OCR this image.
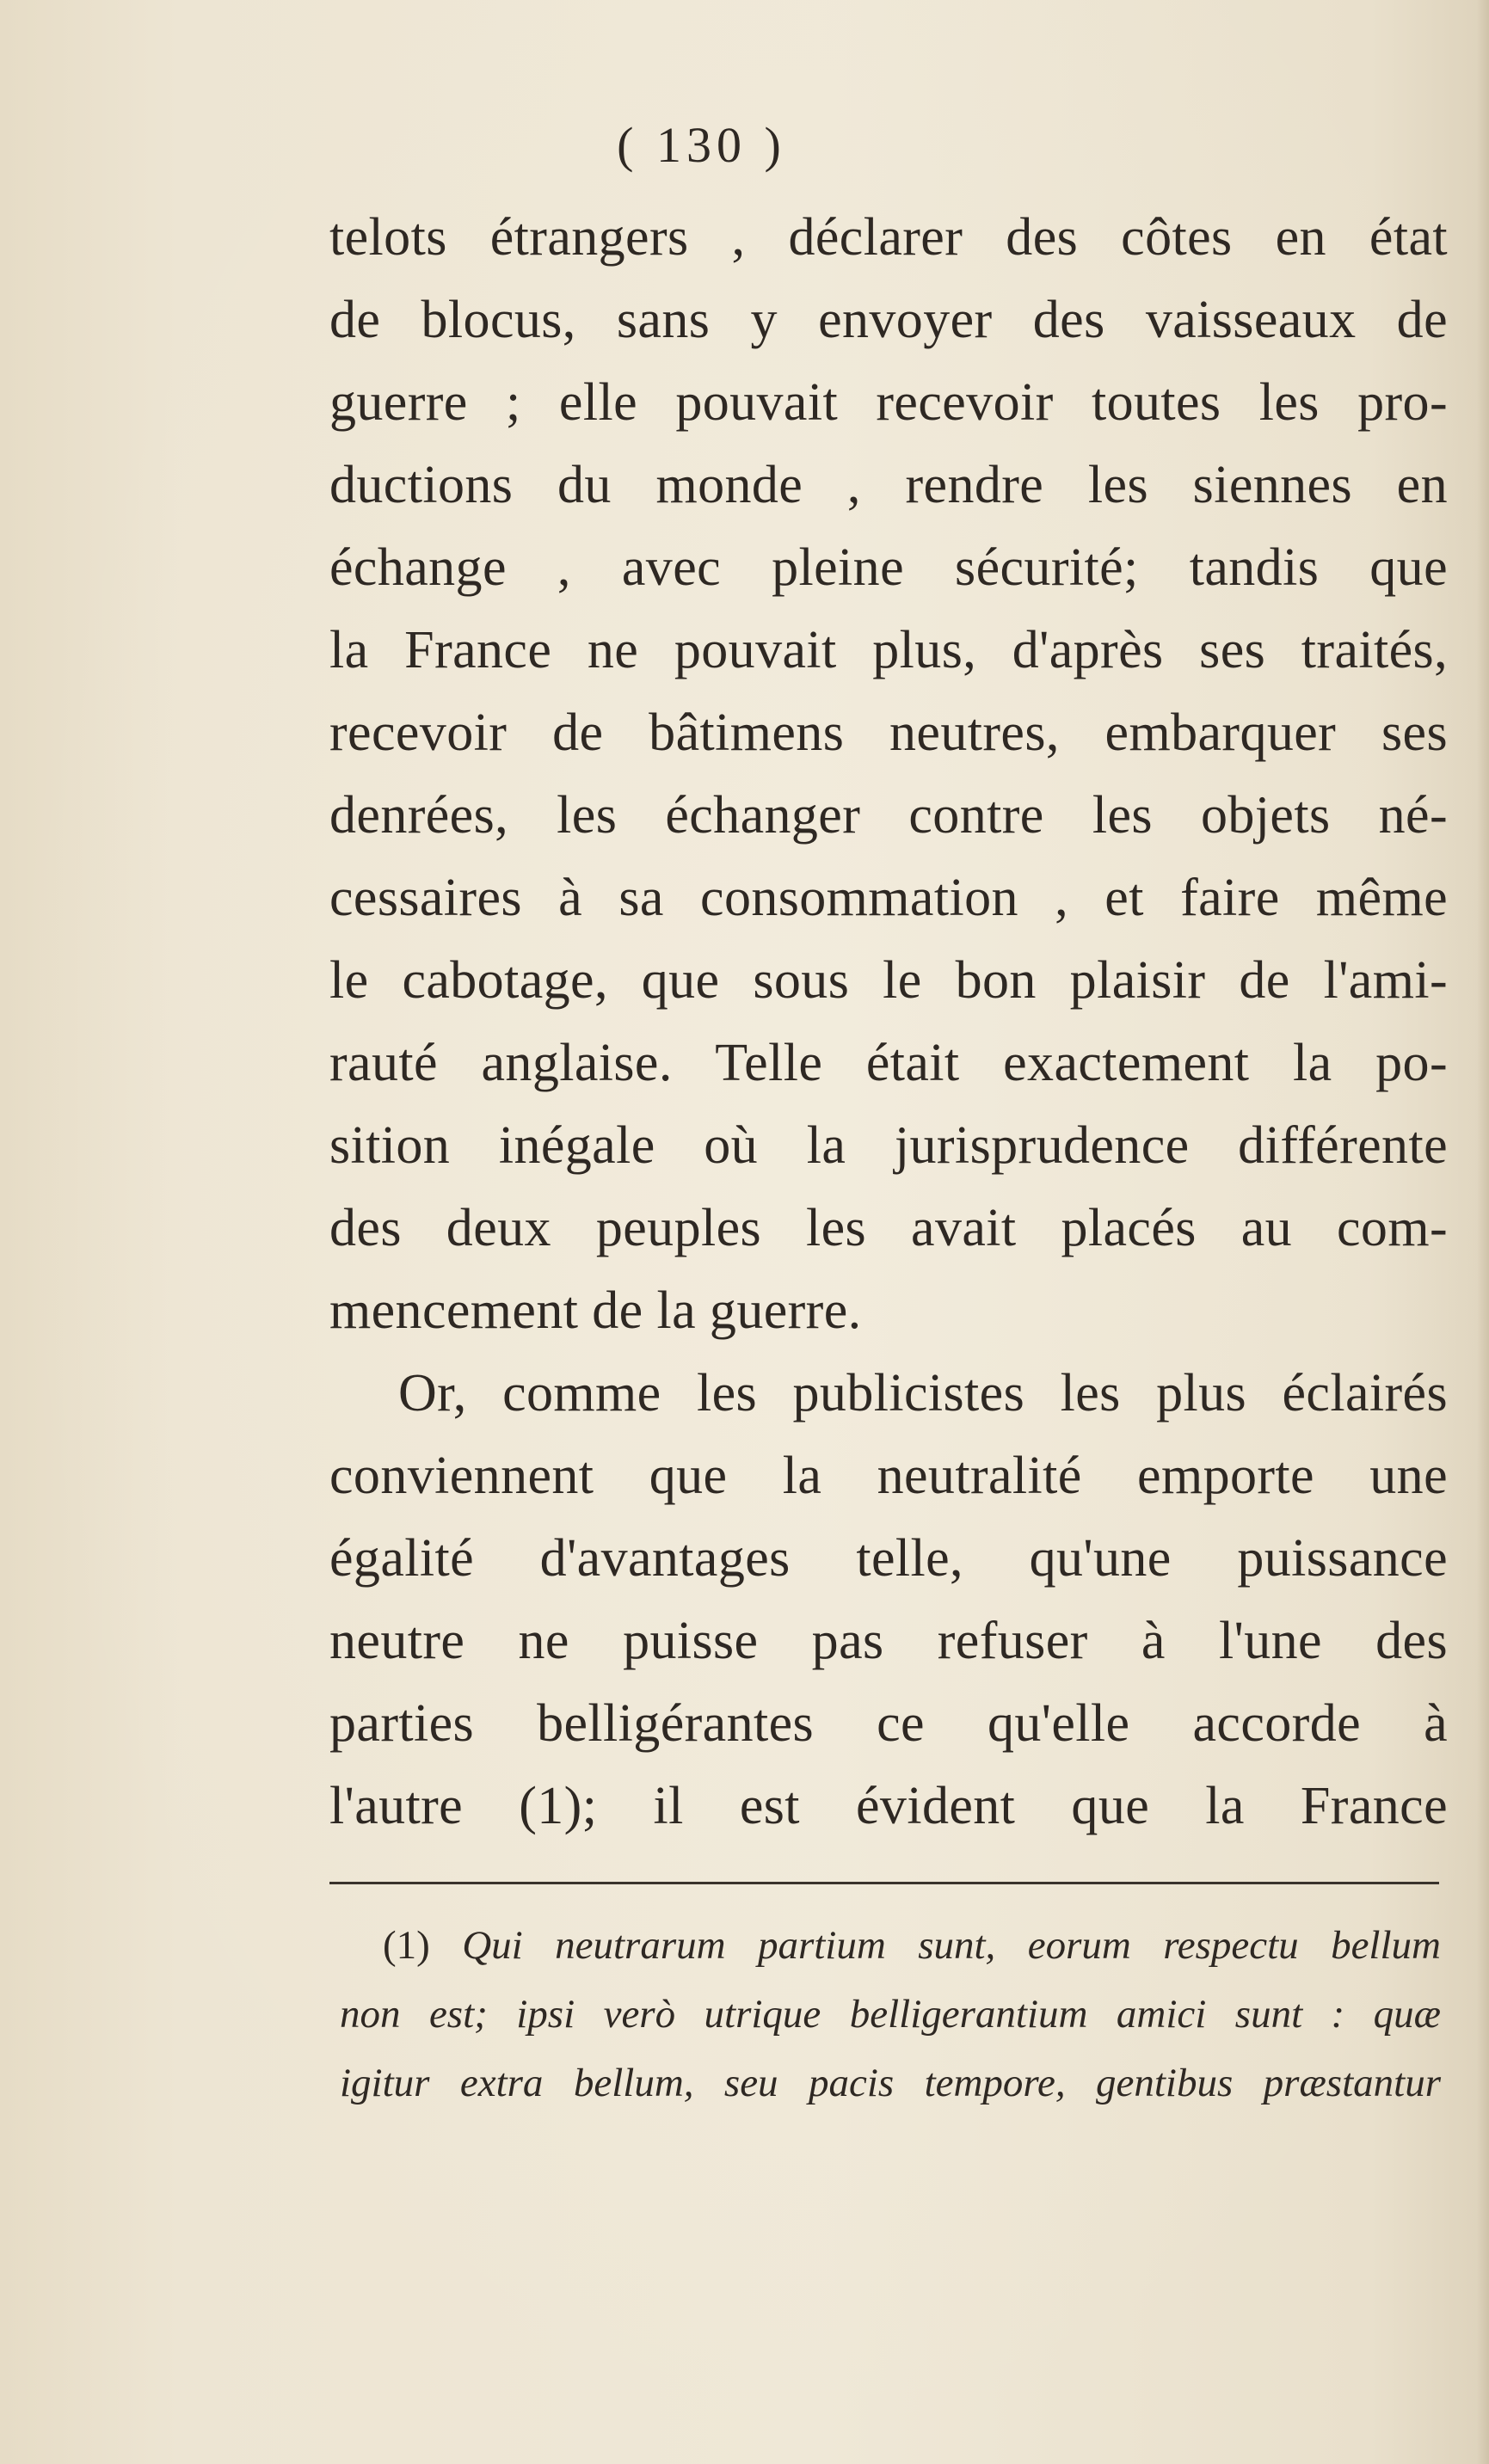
( 130 )
telots étrangers , déclarer des côtes en état
de blocus, sans y envoyer des vaisseaux de
guerre ; elle pouvait recevoir toutes les pro-
ductions du monde , rendre les siennes en
échange , avec pleine sécurité; tandis que
la France ne pouvait plus, d'après ses traités,
recevoir de bâtimens neutres, embarquer ses
denrées, les échanger contre les objets né-
cessaires à sa consommation , et faire même
le cabotage, que sous le bon plaisir de l'ami-
rauté anglaise. Telle était exactement la po-
sition inégale où la jurisprudence différente
des deux peuples les avait placés au com-
mencement de la guerre.
Or, comme les publicistes les plus éclairés
conviennent que la neutralité emporte une
égalité d'avantages telle, qu'une puissance
neutre ne puisse pas refuser à l'une des
parties belligérantes ce qu'elle accorde à
l'autre (1); il est évident que la France
(1) Qui neutrarum partium sunt, eorum respectu bellum
non est; ipsi verò utrique belligerantium amici sunt : quæ
igitur extra bellum, seu pacis tempore, gentibus præstantur
